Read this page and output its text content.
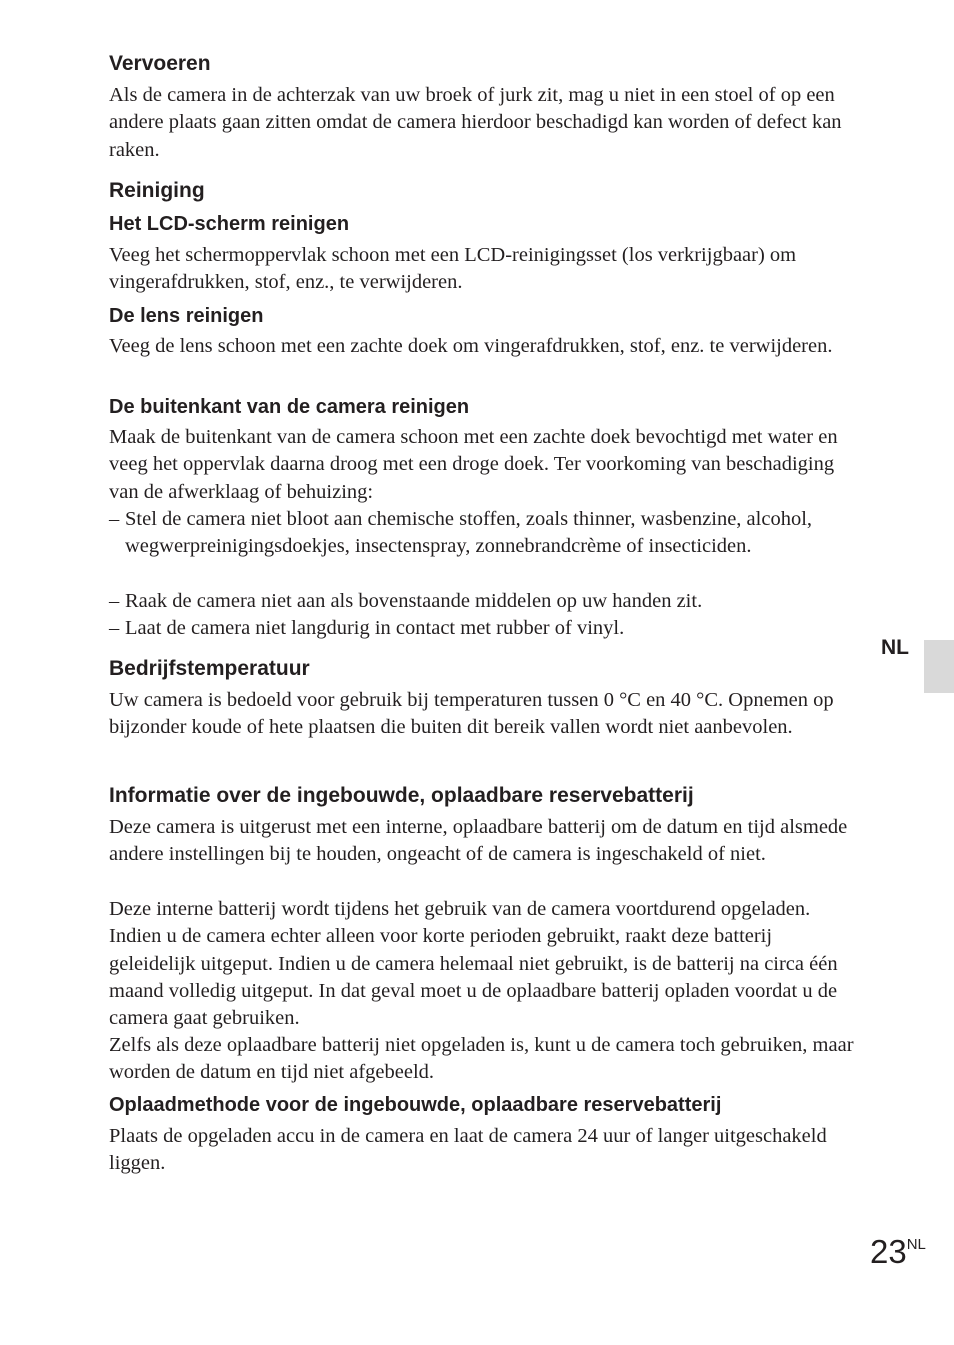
Vervoeren

Als de camera in de achterzak van uw broek of jurk zit, mag u niet in een stoel of op een andere plaats gaan zitten omdat de camera hierdoor beschadigd kan worden of defect kan raken.

Reiniging
Het LCD-scherm reinigen

Veeg het schermoppervlak schoon met een LCD-reinigingsset (los verkrijgbaar) om vingerafdrukken, stof, enz., te verwijderen.

De lens reinigen

Veeg de lens schoon met een zachte doek om vingerafdrukken, stof, enz. te verwijderen.

De buitenkant van de camera reinigen

Maak de buitenkant van de camera schoon met een zachte doek bevochtigd met water en veeg het oppervlak daarna droog met een droge doek. Ter voorkoming van beschadiging van de afwerklaag of behuizing:

– Stel de camera niet bloot aan chemische stoffen, zoals thinner, wasbenzine, alcohol, wegwerpreinigingsdoekjes, insectenspray, zonnebrandcrème of insecticiden.

– Raak de camera niet aan als bovenstaande middelen op uw handen zit.

– Laat de camera niet langdurig in contact met rubber of vinyl.

Bedrijfstemperatuur

Uw camera is bedoeld voor gebruik bij temperaturen tussen 0 °C en 40 °C. Opnemen op bijzonder koude of hete plaatsen die buiten dit bereik vallen wordt niet aanbevolen.

Informatie over de ingebouwde, oplaadbare reservebatterij

Deze camera is uitgerust met een interne, oplaadbare batterij om de datum en tijd alsmede andere instellingen bij te houden, ongeacht of de camera is ingeschakeld of niet.

Deze interne batterij wordt tijdens het gebruik van de camera voortdurend opgeladen. Indien u de camera echter alleen voor korte perioden gebruikt, raakt deze batterij geleidelijk uitgeput. Indien u de camera helemaal niet gebruikt, is de batterij na circa één maand volledig uitgeput. In dat geval moet u de oplaadbare batterij opladen voordat u de camera gaat gebruiken.

Zelfs als deze oplaadbare batterij niet opgeladen is, kunt u de camera toch gebruiken, maar worden de datum en tijd niet afgebeeld.

Oplaadmethode voor de ingebouwde, oplaadbare reservebatterij

Plaats de opgeladen accu in de camera en laat de camera 24 uur of langer uitgeschakeld liggen.

NL
$23^{NL}$
